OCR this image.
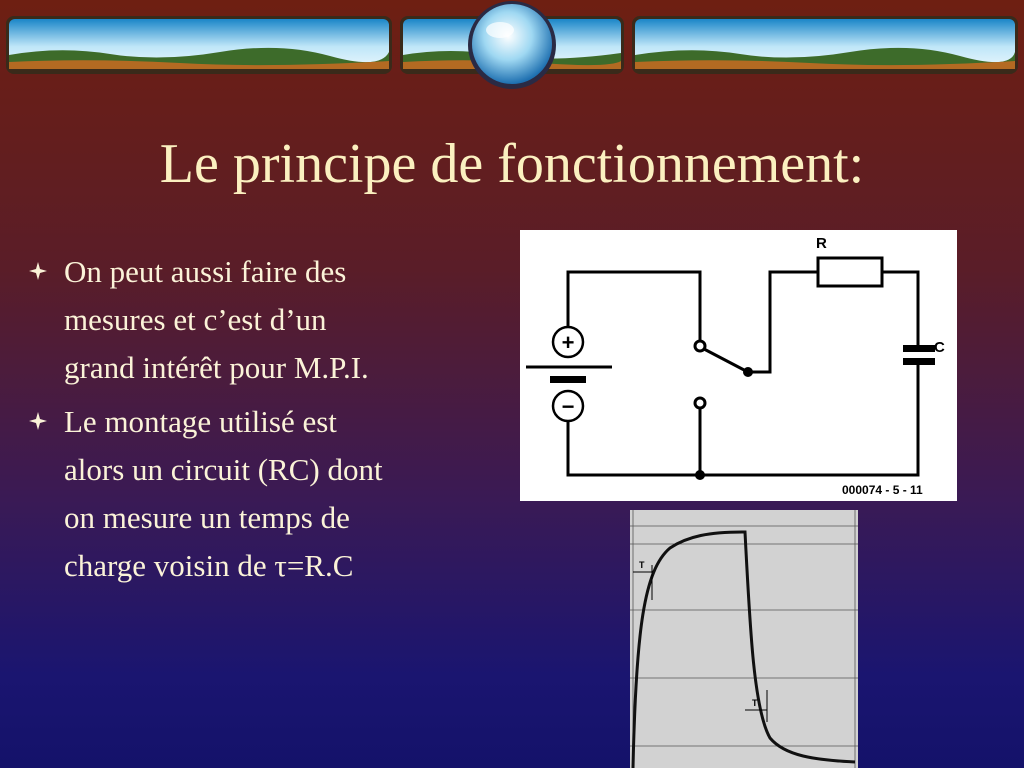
Le principe de fonctionnement:
On peut aussi faire des
mesures et c’est d’un
grand intérêt pour M.P.I.
Le montage utilisé est
alors un circuit (RC) dont
on mesure un temps de
charge voisin de τ=R.C
R
C
+
−
000074 - 5 - 11
T
T
